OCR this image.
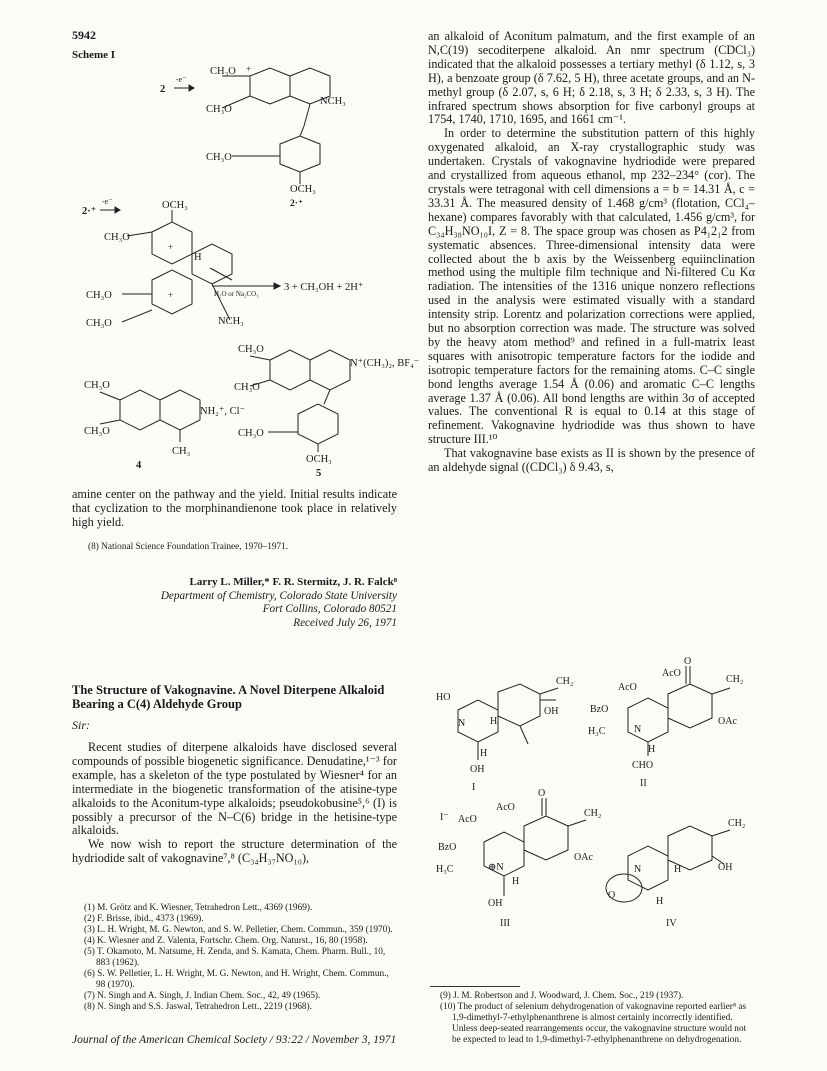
5942
Scheme I
2
-e⁻
CH₃O +
CH₃O
NCH₃
CH₃O
OCH₃
2·⁺
2·⁺
-e⁻	OCH₃
CH₃O
+
H
CH₃O	+
CH₃O	NCH₃
H₂O or Na₂CO₃
3 + CH₃OH + 2H⁺
CH₃O
CH₃O
NH₂⁺, Cl⁻
CH₃
4
CH₃O
CH₃O
N⁺(CH₃)₂, BF₄⁻
CH₃O
OCH₃
5

amine center on the pathway and the yield. Initial results indicate that cyclization to the morphinandienone took place in relatively high yield.

(8) National Science Foundation Trainee, 1970–1971.
Larry L. Miller,* F. R. Stermitz, J. R. Falck⁸
Department of Chemistry, Colorado State University
Fort Collins, Colorado 80521
Received July 26, 1971
The Structure of Vakognavine. A Novel Diterpene Alkaloid Bearing a C(4) Aldehyde Group
Sir:

Recent studies of diterpene alkaloids have disclosed several compounds of possible biogenetic significance. Denudatine,¹⁻³ for example, has a skeleton of the type postulated by Wiesner⁴ for an intermediate in the biogenetic transformation of the atisine-type alkaloids to the Aconitum-type alkaloids; pseudokobusine⁵,⁶ (I) is possibly a precursor of the N–C(6) bridge in the hetisine-type alkaloids.

We now wish to report the structure determination of the hydriodide salt of vakognavine⁷,⁸ (C₃₄H₃₇NO₁₀),

(1) M. Grötz and K. Wiesner, Tetrahedron Lett., 4369 (1969).
(2) F. Brisse, ibid., 4373 (1969).
(3) L. H. Wright, M. G. Newton, and S. W. Pelletier, Chem. Commun., 359 (1970).
(4) K. Wiesner and Z. Valenta, Fortschr. Chem. Org. Naturst., 16, 80 (1958).
(5) T. Okamoto, M. Natsume, H. Zenda, and S. Kamata, Chem. Pharm. Bull., 10, 883 (1962).
(6) S. W. Pelletier, L. H. Wright, M. G. Newton, and H. Wright, Chem. Commun., 98 (1970).
(7) N. Singh and A. Singh, J. Indian Chem. Soc., 42, 49 (1965).
(8) N. Singh and S.S. Jaswal, Tetrahedron Lett., 2219 (1968).

an alkaloid of Aconitum palmatum, and the first example of an N,C(19) secoditerpene alkaloid. An nmr spectrum (CDCl₃) indicated that the alkaloid possesses a tertiary methyl (δ 1.12, s, 3 H), a benzoate group (δ 7.62, 5 H), three acetate groups, and an N-methyl group (δ 2.07, s, 6 H; δ 2.18, s, 3 H; δ 2.33, s, 3 H). The infrared spectrum shows absorption for five carbonyl groups at 1754, 1740, 1710, 1695, and 1661 cm⁻¹.

In order to determine the substitution pattern of this highly oxygenated alkaloid, an X-ray crystallographic study was undertaken. Crystals of vakognavine hydriodide were prepared and crystallized from aqueous ethanol, mp 232–234° (cor). The crystals were tetragonal with cell dimensions a = b = 14.31 Å, c = 33.31 Å. The measured density of 1.468 g/cm³ (flotation, CCl₄–hexane) compares favorably with that calculated, 1.456 g/cm³, for C₃₄H₃₈NO₁₀I, Z = 8. The space group was chosen as P4₁2₁2 from systematic absences. Three-dimensional intensity data were collected about the b axis by the Weissenberg equiinclination method using the multiple film technique and Ni-filtered Cu Kα radiation. The intensities of the 1316 unique nonzero reflections used in the analysis were estimated visually with a standard intensity strip. Lorentz and polarization corrections were applied, but no absorption correction was made. The structure was solved by the heavy atom method⁹ and refined in a full-matrix least squares with anisotropic temperature factors for the iodide and isotropic temperature factors for the remaining atoms. C–C single bond lengths average 1.54 Å (0.06) and aromatic C–C lengths average 1.37 Å (0.06). All bond lengths are within 3σ of accepted values. The conventional R is equal to 0.14 at this stage of refinement. Vakognavine hydriodide was thus shown to have structure III.¹⁰

That vakognavine base exists as II is shown by the presence of an aldehyde signal ((CDCl₃) δ 9.43, s,

HO
CH₂
OH
N H
H
OH
I
O
AcO
AcO
CH₂
BzO
H₃C	N
OAc
H
CHO
II
O
I⁻
AcO
AcO
CH₂
BzO
H₃C	⊕N
OAc
H
OH
III
CH₂
N	H
O
OH
H
IV
(9) J. M. Robertson and J. Woodward, J. Chem. Soc., 219 (1937).
(10) The product of selenium dehydrogenation of vakognavine reported earlier⁸ as 1,9-dimethyl-7-ethylphenanthrene is almost certainly incorrectly identified. Unless deep-seated rearrangements occur, the vakognavine structure would not be expected to lead to 1,9-dimethyl-7-ethylphenanthrene on dehydrogenation.
Journal of the American Chemical Society / 93:22 / November 3, 1971
